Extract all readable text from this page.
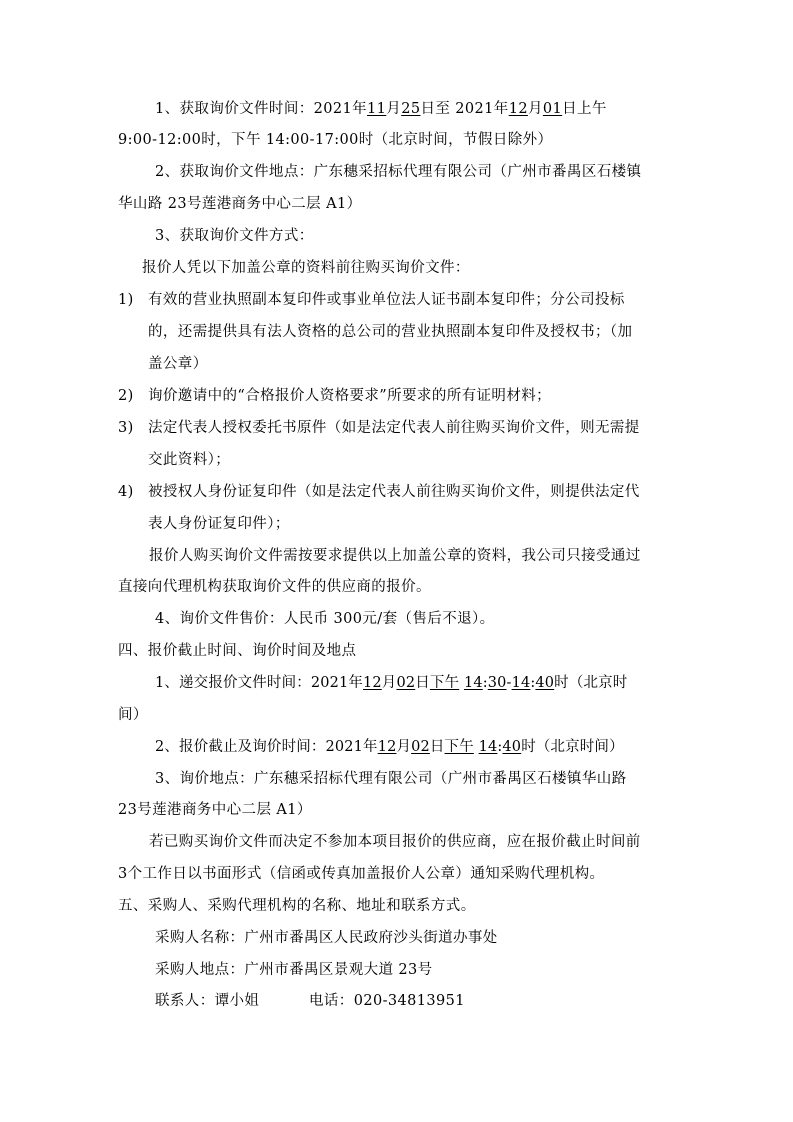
1、获取询价文件时间：2021年11月25日至 2021年12月01日上午
9:00-12:00时，下午 14:00-17:00时（北京时间，节假日除外）
2、获取询价文件地点：广东穗采招标代理有限公司（广州市番禺区石楼镇
华山路 23号莲港商务中心二层 A1）
3、获取询价文件方式：
报价人凭以下加盖公章的资料前往购买询价文件：
1) 有效的营业执照副本复印件或事业单位法人证书副本复印件；分公司投标
的，还需提供具有法人资格的总公司的营业执照副本复印件及授权书；（加
盖公章）
2) 询价邀请中的“合格报价人资格要求”所要求的所有证明材料；
3) 法定代表人授权委托书原件（如是法定代表人前往购买询价文件，则无需提
交此资料）；
4) 被授权人身份证复印件（如是法定代表人前往购买询价文件，则提供法定代
表人身份证复印件）；
报价人购买询价文件需按要求提供以上加盖公章的资料，我公司只接受通过
直接向代理机构获取询价文件的供应商的报价。
4、询价文件售价：人民币 300元/套（售后不退）。
四、报价截止时间、询价时间及地点
1、递交报价文件时间：2021年12月02日下午 14:30-14:40时（北京时
间）
2、报价截止及询价时间：2021年12月02日下午 14:40时（北京时间）
3、询价地点：广东穗采招标代理有限公司（广州市番禺区石楼镇华山路
23号莲港商务中心二层 A1）
若已购买询价文件而决定不参加本项目报价的供应商，应在报价截止时间前
3个工作日以书面形式（信函或传真加盖报价人公章）通知采购代理机构。
五、采购人、采购代理机构的名称、地址和联系方式。
采购人名称：广州市番禺区人民政府沙头街道办事处
采购人地点：广州市番禺区景观大道 23号
联系人：谭小姐	电话：020-34813951
